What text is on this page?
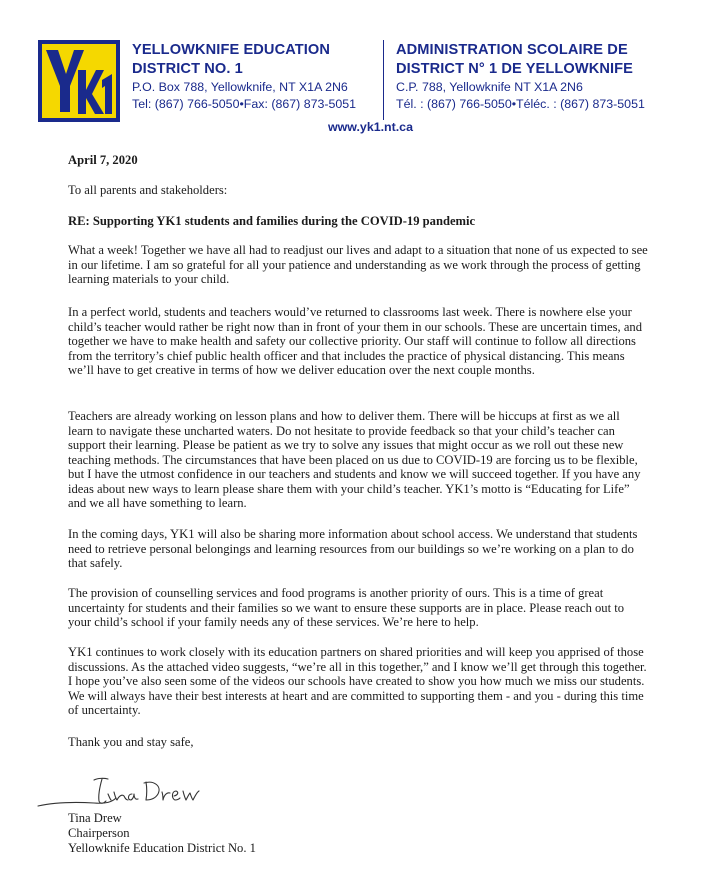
YELLOWKNIFE EDUCATION
DISTRICT NO. 1
P.O. Box 788, Yellowknife, NT X1A 2N6
Tel: (867) 766-5050•Fax: (867) 873-5051
ADMINISTRATION SCOLAIRE DE
DISTRICT N° 1 DE YELLOWKNIFE
C.P. 788, Yellowknife NT X1A 2N6
Tél. : (867) 766-5050•Téléc. : (867) 873-5051
www.yk1.nt.ca

April 7, 2020

To all parents and stakeholders:

RE: Supporting YK1 students and families during the COVID-19 pandemic

What a week! Together we have all had to readjust our lives and adapt to a situation that none of us expected to see in our lifetime. I am so grateful for all your patience and understanding as we work through the process of getting learning materials to your child.

In a perfect world, students and teachers would’ve returned to classrooms last week. There is nowhere else your child’s teacher would rather be right now than in front of your them in our schools. These are uncertain times, and together we have to make health and safety our collective priority. Our staff will continue to follow all directions from the territory’s chief public health officer and that includes the practice of physical distancing. This means we’ll have to get creative in terms of how we deliver education over the next couple months.

Teachers are already working on lesson plans and how to deliver them. There will be hiccups at first as we all learn to navigate these uncharted waters. Do not hesitate to provide feedback so that your child’s teacher can support their learning. Please be patient as we try to solve any issues that might occur as we roll out these new teaching methods. The circumstances that have been placed on us due to COVID-19 are forcing us to be flexible, but I have the utmost confidence in our teachers and students and know we will succeed together. If you have any ideas about new ways to learn please share them with your child’s teacher. YK1’s motto is “Educating for Life” and we all have something to learn.

In the coming days, YK1 will also be sharing more information about school access. We understand that students need to retrieve personal belongings and learning resources from our buildings so we’re working on a plan to do that safely.

The provision of counselling services and food programs is another priority of ours. This is a time of great uncertainty for students and their families so we want to ensure these supports are in place. Please reach out to your child’s school if your family needs any of these services. We’re here to help.

YK1 continues to work closely with its education partners on shared priorities and will keep you apprised of those discussions. As the attached video suggests, “we’re all in this together,” and I know we’ll get through this together. I hope you’ve also seen some of the videos our schools have created to show you how much we miss our students. We will always have their best interests at heart and are committed to supporting them - and you - during this time of uncertainty.

Thank you and stay safe,

Tina Drew
Chairperson
Yellowknife Education District No. 1
